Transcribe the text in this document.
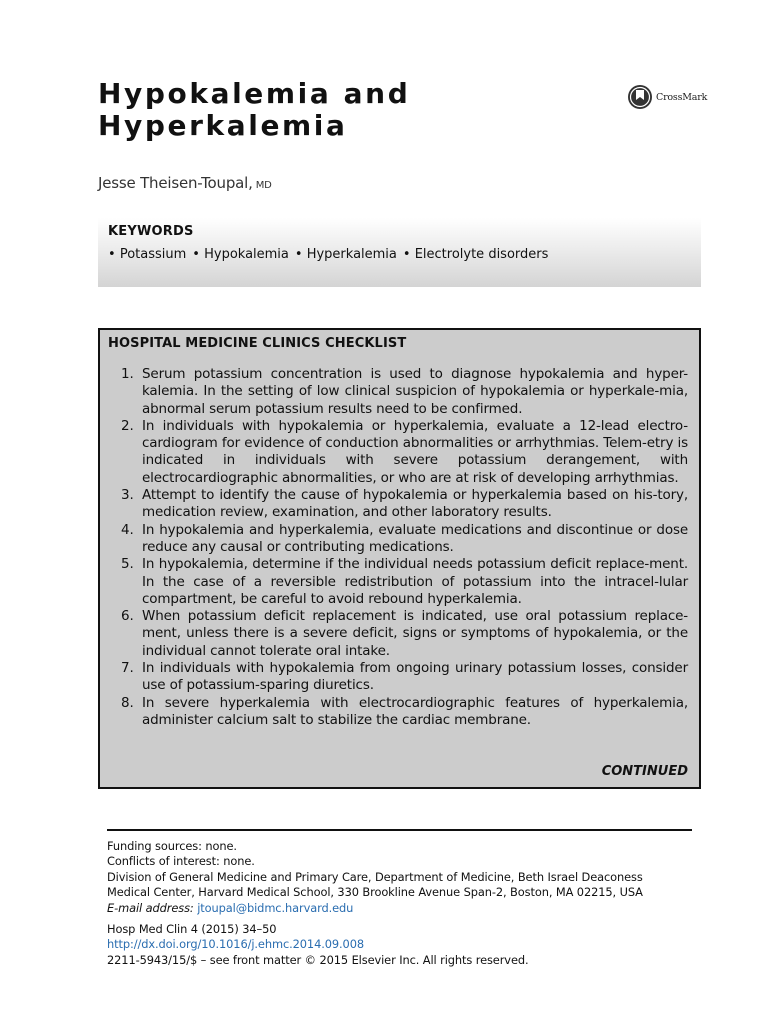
Hypokalemia and
Hyperkalemia
CrossMark
Jesse Theisen-Toupal, MD
KEYWORDS
• Potassium	• Hypokalemia	• Hyperkalemia	• Electrolyte disorders
HOSPITAL MEDICINE CLINICS CHECKLIST
1. Serum potassium concentration is used to diagnose hypokalemia and hyper-kalemia. In the setting of low clinical suspicion of hypokalemia or hyperkale-mia, abnormal serum potassium results need to be confirmed.
2. In individuals with hypokalemia or hyperkalemia, evaluate a 12-lead electro-cardiogram for evidence of conduction abnormalities or arrhythmias. Telem-etry is indicated in individuals with severe potassium derangement, with electrocardiographic abnormalities, or who are at risk of developing arrhythmias.
3. Attempt to identify the cause of hypokalemia or hyperkalemia based on his-tory, medication review, examination, and other laboratory results.
4. In hypokalemia and hyperkalemia, evaluate medications and discontinue or dose reduce any causal or contributing medications.
5. In hypokalemia, determine if the individual needs potassium deficit replace-ment. In the case of a reversible redistribution of potassium into the intracel-lular compartment, be careful to avoid rebound hyperkalemia.
6. When potassium deficit replacement is indicated, use oral potassium replace-ment, unless there is a severe deficit, signs or symptoms of hypokalemia, or the individual cannot tolerate oral intake.
7. In individuals with hypokalemia from ongoing urinary potassium losses, consider use of potassium-sparing diuretics.
8. In severe hyperkalemia with electrocardiographic features of hyperkalemia, administer calcium salt to stabilize the cardiac membrane.
CONTINUED
Funding sources: none.
Conflicts of interest: none.
Division of General Medicine and Primary Care, Department of Medicine, Beth Israel Deaconess
Medical Center, Harvard Medical School, 330 Brookline Avenue Span-2, Boston, MA 02215, USA
E-mail address: jtoupal@bidmc.harvard.edu
Hosp Med Clin 4 (2015) 34–50
http://dx.doi.org/10.1016/j.ehmc.2014.09.008
2211-5943/15/$ – see front matter © 2015 Elsevier Inc. All rights reserved.
